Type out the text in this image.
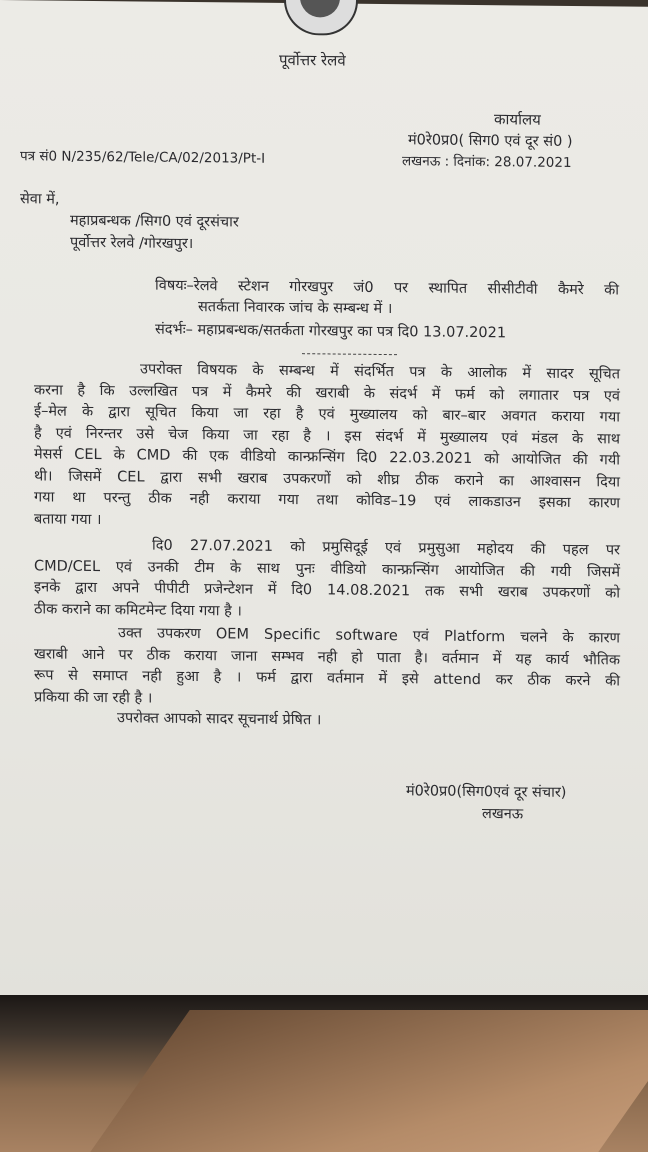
पूर्वोत्तर रेलवे
कार्यालय
मं0रे0प्र0( सिग0 एवं दूर सं0 )
पत्र सं0 N/235/62/Tele/CA/02/2013/Pt-I	लखनऊ : दिनांक: 28.07.2021
सेवा में,
महाप्रबन्धक /सिग0 एवं दूरसंचार
पूर्वोत्तर रेलवे /गोरखपुर।
विषयः–रेलवे स्टेशन गोरखपुर जं0 पर स्थापित सीसीटीवी कैमरे की
सतर्कता निवारक जांच के सम्बन्ध में ।
संदर्भः– महाप्रबन्धक/सतर्कता गोरखपुर का पत्र दि0 13.07.2021
उपरोक्त विषयक के सम्बन्ध में संदर्भित पत्र के आलोक में सादर सूचित
करना है कि उल्लखित पत्र में कैमरे की खराबी के संदर्भ में फर्म को लगातार पत्र एवं
ई–मेल के द्वारा सूचित किया जा रहा है एवं मुख्यालय को बार–बार अवगत कराया गया
है एवं निरन्तर उसे चेज किया जा रहा है । इस संदर्भ में मुख्यालय एवं मंडल के साथ
मेसर्स CEL के CMD की एक वीडियो कान्फ्रन्सिंग दि0 22.03.2021 को आयोजित की गयी
थी। जिसमें CEL द्वारा सभी खराब उपकरणों को शीघ्र ठीक कराने का आश्वासन दिया
गया था परन्तु ठीक नही कराया गया तथा कोविड–19 एवं लाकडाउन इसका कारण
बताया गया ।
दि0 27.07.2021 को प्रमुसिदूई एवं प्रमुसुआ महोदय की पहल पर
CMD/CEL एवं उनकी टीम के साथ पुनः वीडियो कान्फ्रन्सिंग आयोजित की गयी जिसमें
इनके द्वारा अपने पीपीटी प्रजेन्टेशन में दि0 14.08.2021 तक सभी खराब उपकरणों को
ठीक कराने का कमिटमेन्ट दिया गया है ।
उक्त उपकरण OEM Specific software एवं Platform चलने के कारण
खराबी आने पर ठीक कराया जाना सम्भव नही हो पाता है। वर्तमान में यह कार्य भौतिक
रूप से समाप्त नही हुआ है । फर्म द्वारा वर्तमान में इसे attend कर ठीक करने की
प्रकिया की जा रही है ।
उपरोक्त आपको सादर सूचनार्थ प्रेषित ।
मं0रे0प्र0(सिग0एवं दूर संचार)
लखनऊ
